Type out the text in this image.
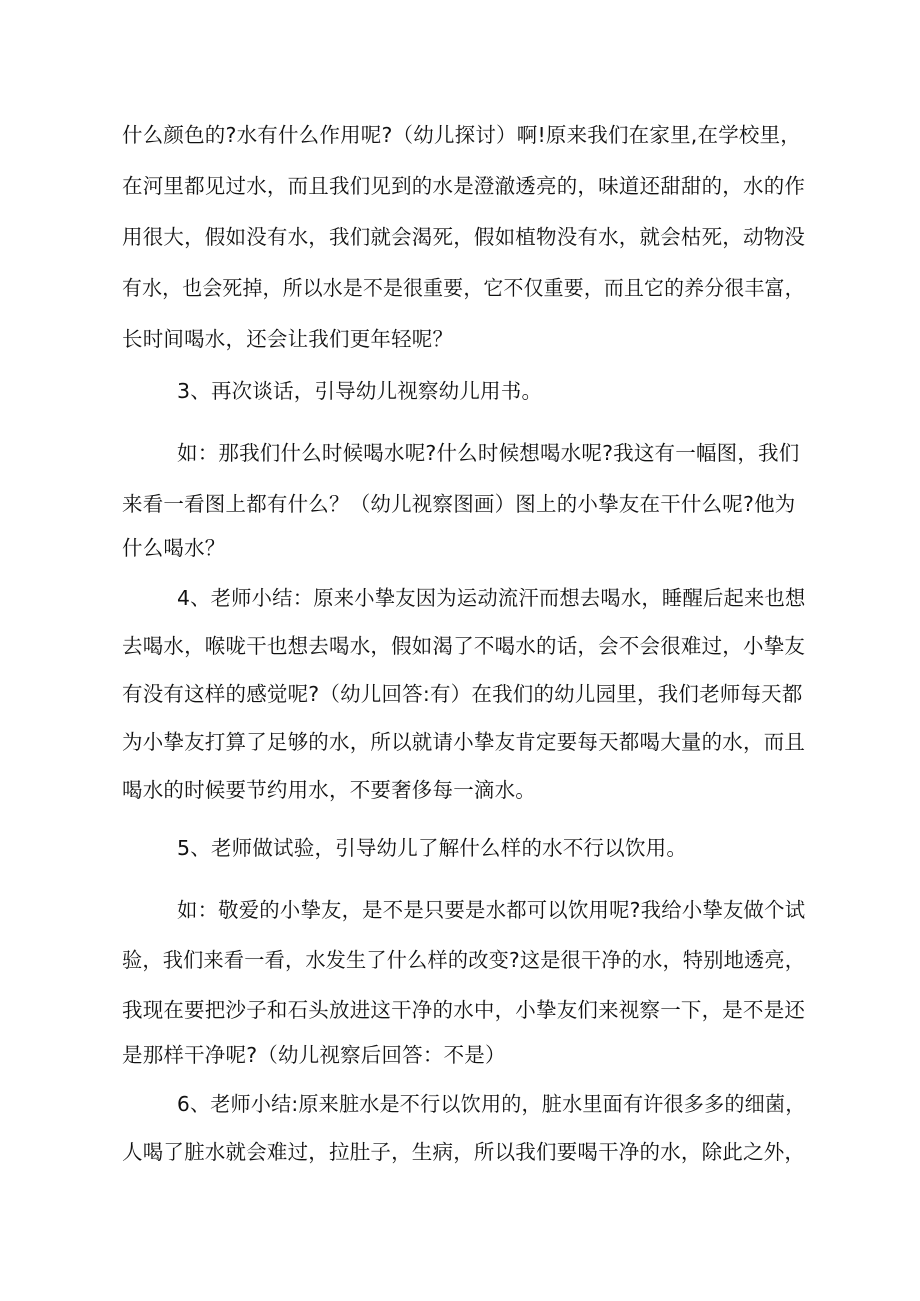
什么颜色的?水有什么作用呢?（幼儿探讨）啊!原来我们在家里,在学校里，
在河里都见过水，而且我们见到的水是澄澈透亮的，味道还甜甜的，水的作
用很大，假如没有水，我们就会渴死，假如植物没有水，就会枯死，动物没
有水，也会死掉，所以水是不是很重要，它不仅重要，而且它的养分很丰富，
长时间喝水，还会让我们更年轻呢？
3、再次谈话，引导幼儿视察幼儿用书。
如：那我们什么时候喝水呢?什么时候想喝水呢?我这有一幅图，我们
来看一看图上都有什么？（幼儿视察图画）图上的小挚友在干什么呢?他为
什么喝水？
4、老师小结：原来小挚友因为运动流汗而想去喝水，睡醒后起来也想
去喝水，喉咙干也想去喝水，假如渴了不喝水的话，会不会很难过，小挚友
有没有这样的感觉呢?（幼儿回答:有）在我们的幼儿园里，我们老师每天都
为小挚友打算了足够的水，所以就请小挚友肯定要每天都喝大量的水，而且
喝水的时候要节约用水，不要奢侈每一滴水。
5、老师做试验，引导幼儿了解什么样的水不行以饮用。
如：敬爱的小挚友，是不是只要是水都可以饮用呢?我给小挚友做个试
验，我们来看一看，水发生了什么样的改变?这是很干净的水，特别地透亮，
我现在要把沙子和石头放进这干净的水中，小挚友们来视察一下，是不是还
是那样干净呢?（幼儿视察后回答：不是）
6、老师小结:原来脏水是不行以饮用的，脏水里面有许很多多的细菌，
人喝了脏水就会难过，拉肚子，生病，所以我们要喝干净的水，除此之外，
